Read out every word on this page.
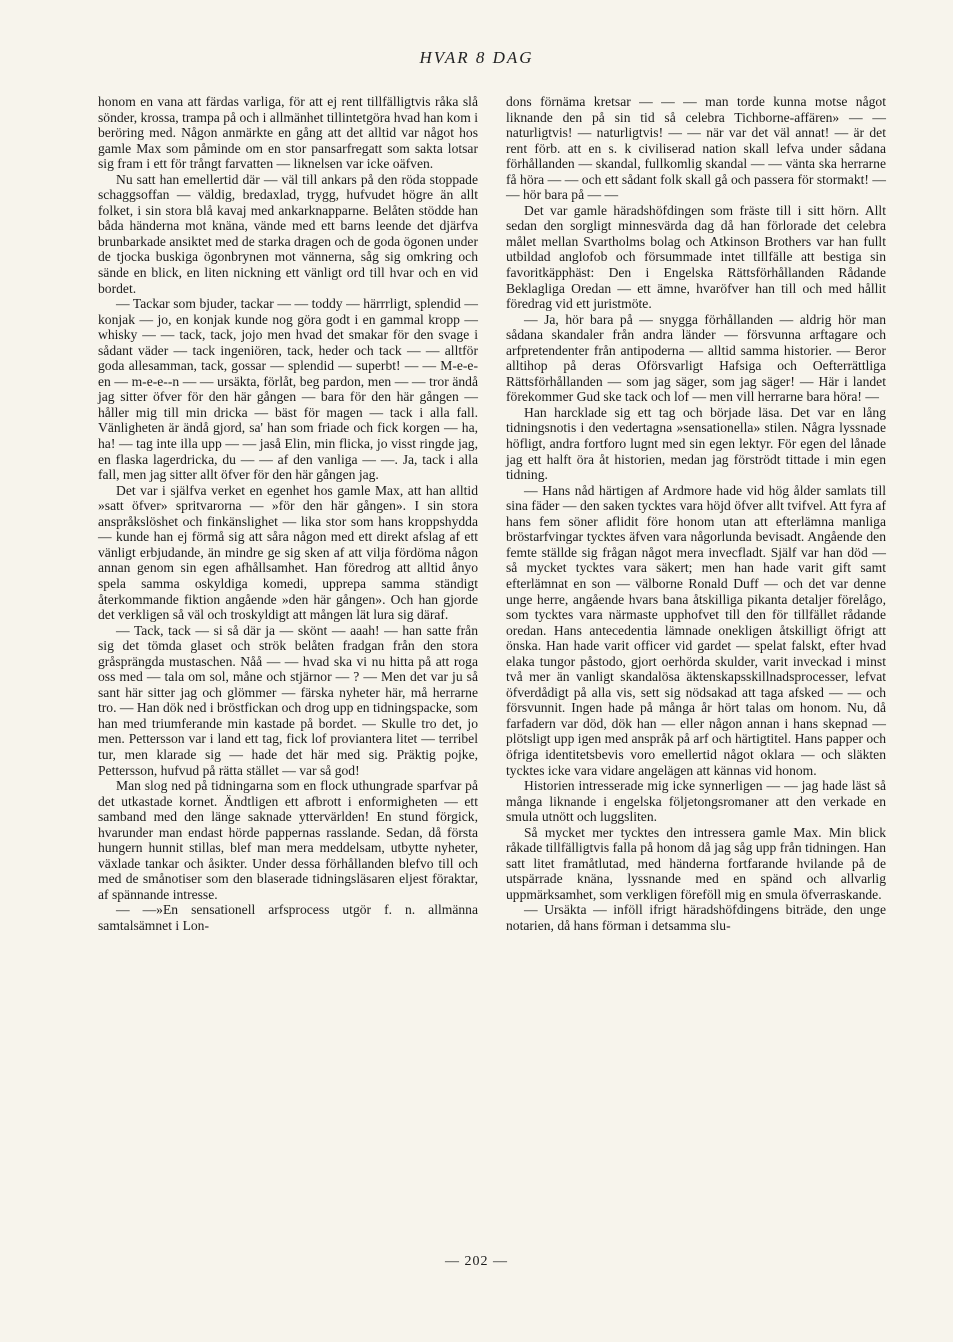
HVAR 8 DAG

honom en vana att färdas varliga, för att ej rent tillfälligtvis råka slå sönder, krossa, trampa på och i allmänhet tillintetgöra hvad han kom i beröring med. Någon anmärkte en gång att det alltid var något hos gamle Max som påminde om en stor pansarfregatt som sakta lotsar sig fram i ett för trångt farvatten — liknelsen var icke oäfven.

Nu satt han emellertid där — väl till ankars på den röda stoppade schaggsoffan — väldig, bredaxlad, trygg, hufvudet högre än allt folket, i sin stora blå kavaj med ankarknapparne. Belåten stödde han båda händerna mot knäna, vände med ett barns leende det djärfva brunbarkade ansiktet med de starka dragen och de goda ögonen under de tjocka buskiga ögonbrynen mot vännerna, såg sig omkring och sände en blick, en liten nickning ett vänligt ord till hvar och en vid bordet.

— Tackar som bjuder, tackar — — toddy — härrrligt, splendid — konjak — jo, en konjak kunde nog göra godt i en gammal kropp — whisky — — tack, tack, jojo men hvad det smakar för den svage i sådant väder — tack ingeniören, tack, heder och tack — — alltför goda allesamman, tack, gossar — splendid — superbt! — — M-e-e-en — m-e-e--n — — ursäkta, förlåt, beg pardon, men — — tror ändå jag sitter öfver för den här gången — bara för den här gången — håller mig till min dricka — bäst för magen — tack i alla fall. Vänligheten är ändå gjord, sa' han som friade och fick korgen — ha, ha! — tag inte illa upp — — jaså Elin, min flicka, jo visst ringde jag, en flaska lagerdricka, du — — af den vanliga — —. Ja, tack i alla fall, men jag sitter allt öfver för den här gången jag.

Det var i själfva verket en egenhet hos gamle Max, att han alltid »satt öfver» spritvarorna — »för den här gången». I sin stora anspråkslöshet och finkänslighet — lika stor som hans kroppshydda — kunde han ej förmå sig att såra någon med ett direkt afslag af ett vänligt erbjudande, än mindre ge sig sken af att vilja fördöma någon annan genom sin egen afhållsamhet. Han föredrog att alltid ånyo spela samma oskyldiga komedi, upprepa samma ständigt återkommande fiktion angående »den här gången». Och han gjorde det verkligen så väl och troskyldigt att mången lät lura sig däraf.

— Tack, tack — si så där ja — skönt — aaah! — han satte från sig det tömda glaset och strök belåten fradgan från den stora gråsprängda mustaschen. Nåå — — hvad ska vi nu hitta på att roga oss med — tala om sol, måne och stjärnor — ? — Men det var ju så sant här sitter jag och glömmer — färska nyheter här, må herrarne tro. — Han dök ned i bröstfickan och drog upp en tidningspacke, som han med triumferande min kastade på bordet. — Skulle tro det, jo men. Pettersson var i land ett tag, fick lof proviantera litet — terribel tur, men klarade sig — hade det här med sig. Präktig pojke, Pettersson, hufvud på rätta stället — var så god!

Man slog ned på tidningarna som en flock uthungrade sparfvar på det utkastade kornet. Ändtligen ett afbrott i enformigheten — ett samband med den länge saknade yttervärlden! En stund förgick, hvarunder man endast hörde pappernas rasslande. Sedan, då första hungern hunnit stillas, blef man mera meddelsam, utbytte nyheter, växlade tankar och åsikter. Under dessa förhållanden blefvo till och med de smånotiser som den blaserade tidningsläsaren eljest föraktar, af spännande intresse.

— —»En sensationell arfsprocess utgör f. n. allmänna samtalsämnet i Lon-

dons förnäma kretsar — — — man torde kunna motse något liknande den på sin tid så celebra Tichborne-affären» — — naturligtvis! — naturligtvis! — — när var det väl annat! — är det rent förb. att en s. k civiliserad nation skall lefva under sådana förhållanden — skandal, fullkomlig skandal — — vänta ska herrarne få höra — — och ett sådant folk skall gå och passera för stormakt! — — hör bara på — —

Det var gamle häradshöfdingen som fräste till i sitt hörn. Allt sedan den sorgligt minnesvärda dag då han förlorade det celebra målet mellan Svartholms bolag och Atkinson Brothers var han fullt utbildad anglofob och försummade intet tillfälle att bestiga sin favoritkäpphäst: Den i Engelska Rättsförhållanden Rådande Beklagliga Oredan — ett ämne, hvaröfver han till och med hållit föredrag vid ett juristmöte.

— Ja, hör bara på — snygga förhållanden — aldrig hör man sådana skandaler från andra länder — försvunna arftagare och arfpretendenter från antipoderna — alltid samma historier. — Beror alltihop på deras Oförsvarligt Hafsiga och Oefterrättliga Rättsförhållanden — som jag säger, som jag säger! — Här i landet förekommer Gud ske tack och lof — men vill herrarne bara höra! —

Han harcklade sig ett tag och började läsa. Det var en lång tidningsnotis i den vedertagna »sensationella» stilen. Några lyssnade höfligt, andra fortforo lugnt med sin egen lektyr. För egen del lånade jag ett halft öra åt historien, medan jag förströdt tittade i min egen tidning.

— Hans nåd härtigen af Ardmore hade vid hög ålder samlats till sina fäder — den saken tycktes vara höjd öfver allt tvifvel. Att fyra af hans fem söner aflidit före honom utan att efterlämna manliga bröstarfvingar tycktes äfven vara någorlunda bevisadt. Angående den femte ställde sig frågan något mera invecfladt. Själf var han död — så mycket tycktes vara säkert; men han hade varit gift samt efterlämnat en son — välborne Ronald Duff — och det var denne unge herre, angående hvars bana åtskilliga pikanta detaljer förelågo, som tycktes vara närmaste upphofvet till den för tillfället rådande oredan. Hans antecedentia lämnade onekligen åtskilligt öfrigt att önska. Han hade varit officer vid gardet — spelat falskt, efter hvad elaka tungor påstodo, gjort oerhörda skulder, varit inveckad i minst två mer än vanligt skandalösa äktenskapsskillnadsprocesser, lefvat öfverdådigt på alla vis, sett sig nödsakad att taga afsked — — och försvunnit. Ingen hade på många år hört talas om honom. Nu, då farfadern var död, dök han — eller någon annan i hans skepnad — plötsligt upp igen med anspråk på arf och härtigtitel. Hans papper och öfriga identitetsbevis voro emellertid något oklara — och släkten tycktes icke vara vidare angelägen att kännas vid honom.

Historien intresserade mig icke synnerligen — — jag hade läst så många liknande i engelska följetongsromaner att den verkade en smula utnött och luggsliten.

Så mycket mer tycktes den intressera gamle Max. Min blick råkade tillfälligtvis falla på honom då jag såg upp från tidningen. Han satt litet framåtlutad, med händerna fortfarande hvilande på de utspärrade knäna, lyssnande med en spänd och allvarlig uppmärksamhet, som verkligen föreföll mig en smula öfverraskande.

— Ursäkta — inföll ifrigt häradshöfdingens biträde, den unge notarien, då hans förman i detsamma slu-

— 202 —
